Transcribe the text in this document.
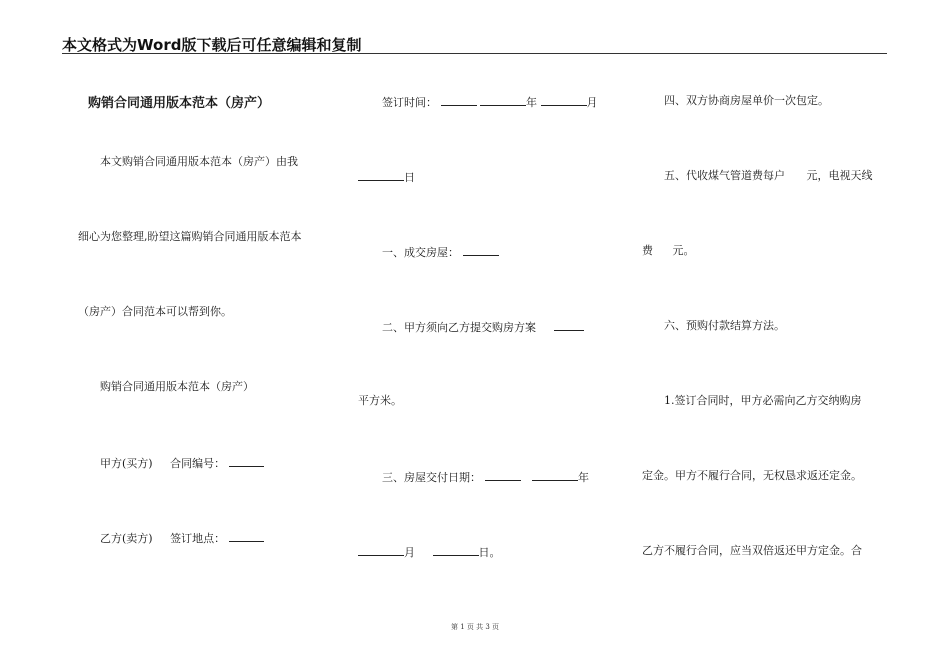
本文格式为Word版下载后可任意编辑和复制
购销合同通用版本范本（房产）
本文购销合同通用版本范本（房产）由我
细心为您整理,盼望这篇购销合同通用版本范本
（房产）合同范本可以帮到你。
购销合同通用版本范本（房产）
甲方(买方) 合同编号：
乙方(卖方) 签订地点：
签订时间：	年	月
日
一、成交房屋：
二、甲方须向乙方提交购房方案
平方米。
三、房屋交付日期：	年
月	日。
四、双方协商房屋单价一次包定。
五、代收煤气管道费每户 元，电视天线
费 元。
六、预购付款结算方法。
1.签订合同时，甲方必需向乙方交纳购房
定金。甲方不履行合同，无权恳求返还定金。
乙方不履行合同，应当双倍返还甲方定金。合
第 1 页 共 3 页
